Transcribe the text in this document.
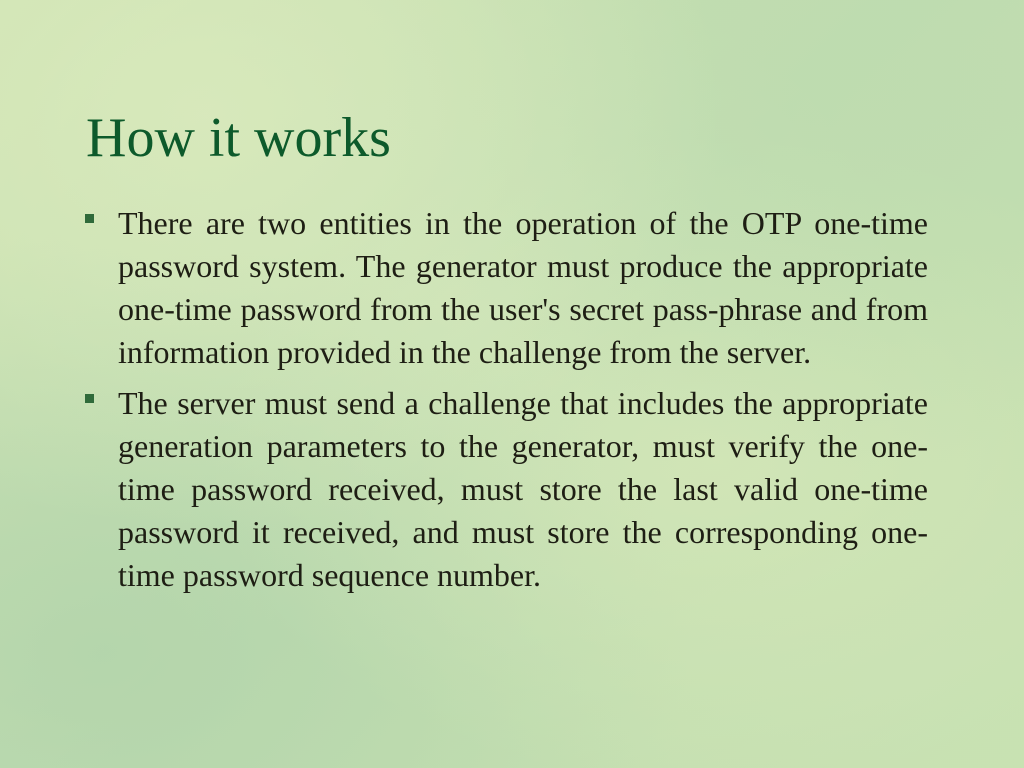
How it works
There are two entities in the operation of the OTP one-time password system. The generator must produce the appropriate one-time password from the user's secret pass-phrase and from information provided in the challenge from the server.
The server must send a challenge that includes the appropriate generation parameters to the generator, must verify the one-time password received, must store the last valid one-time password it received, and must store the corresponding one-time password sequence number.
